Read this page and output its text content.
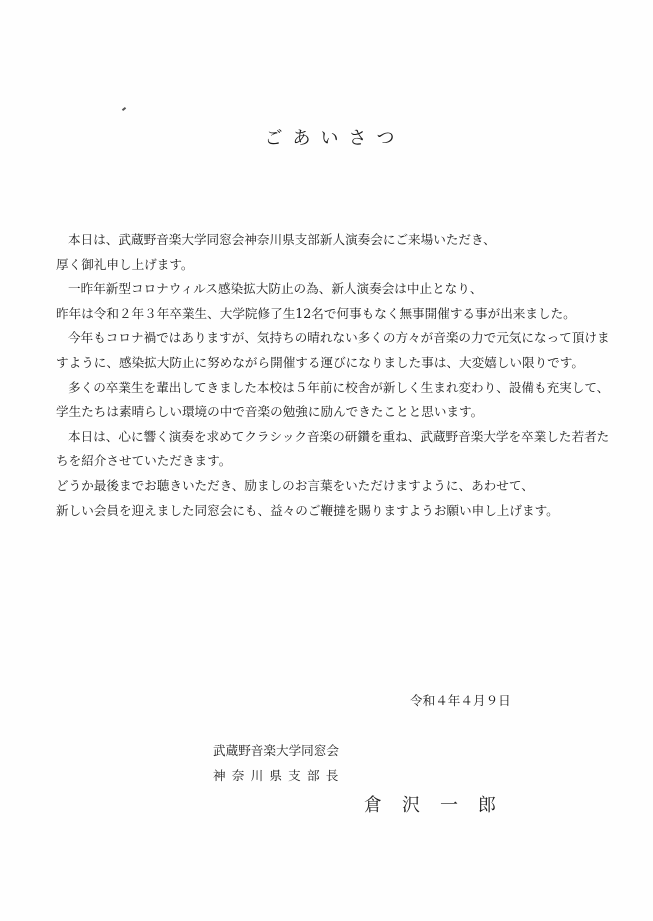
ごあいさつ

本日は、武蔵野音楽大学同窓会神奈川県支部新人演奏会にご来場いただき、
厚く御礼申し上げます。

一昨年新型コロナウィルス感染拡大防止の為、新人演奏会は中止となり、
昨年は令和２年３年卒業生、大学院修了生12名で何事もなく無事開催する事が出来ました。

今年もコロナ禍ではありますが、気持ちの晴れない多くの方々が音楽の力で元気になって頂けますように、感染拡大防止に努めながら開催する運びになりました事は、大変嬉しい限りです。

多くの卒業生を輩出してきました本校は５年前に校舎が新しく生まれ変わり、設備も充実して、学生たちは素晴らしい環境の中で音楽の勉強に励んできたことと思います。

本日は、心に響く演奏を求めてクラシック音楽の研鑽を重ね、武蔵野音楽大学を卒業した若者たちを紹介させていただきます。

どうか最後までお聴きいただき、励ましのお言葉をいただけますように、あわせて、
新しい会員を迎えました同窓会にも、益々のご鞭撻を賜りますようお願い申し上げます。

令和４年４月９日
武蔵野音楽大学同窓会
神奈川県支部長
倉沢一郎
